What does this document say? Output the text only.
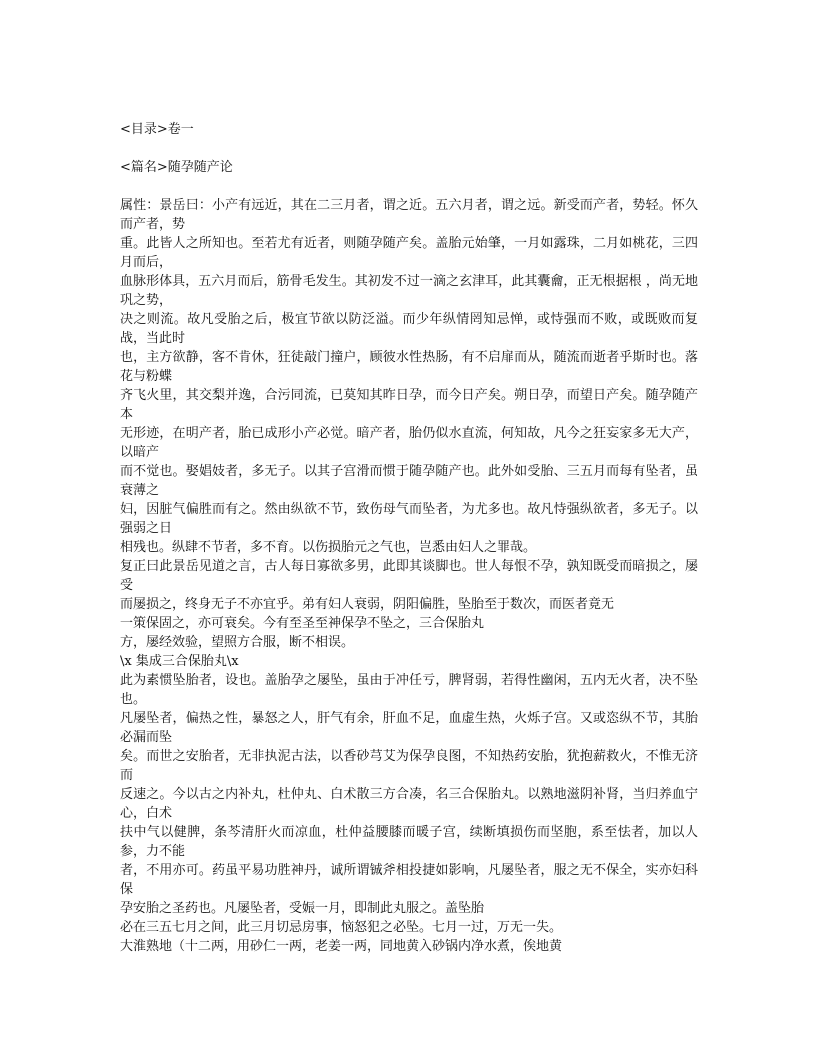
<目录>卷一

<篇名>随孕随产论

属性：景岳曰：小产有远近，其在二三月者，谓之近。五六月者，谓之远。新受而产者，势轻。怀久而产者，势

重。此皆人之所知也。至若尤有近者，则随孕随产矣。盖胎元始肇，一月如露珠，二月如桃花，三四月而后，

血脉形体具，五六月而后，筋骨毛发生。其初发不过一滴之玄津耳，此其囊龠，正无根据根 ，尚无地巩之势，

决之则流。故凡受胎之后，极宜节欲以防泛溢。而少年纵情罔知忌惮，或恃强而不败，或既败而复战，当此时

也，主方欲静，客不肯休，狂徒敲门撞户，顾彼水性热肠，有不启扉而从，随流而逝者乎斯时也。落花与粉蝶

齐飞火里，其交梨并逸，合污同流，已莫知其昨日孕，而今日产矣。朔日孕，而望日产矣。随孕随产本

无形迹，在明产者，胎已成形小产必觉。暗产者，胎仍似水直流，何知故，凡今之狂妄家多无大产，以暗产

而不觉也。娶娼妓者，多无子。以其子宫滑而惯于随孕随产也。此外如受胎、三五月而每有坠者，虽衰薄之

妇，因脏气偏胜而有之。然由纵欲不节，致伤母气而坠者，为尤多也。故凡恃强纵欲者，多无子。以强弱之日

相残也。纵肆不节者，多不育。以伤损胎元之气也，岂悉由妇人之罪哉。

复正曰此景岳见道之言，古人每日寡欲多男，此即其谈脚也。世人每恨不孕，孰知既受而暗损之，屡受

而屡损之，终身无子不亦宜乎。弟有妇人衰弱，阴阳偏胜，坠胎至于数次，而医者竟无

一策保固之，亦可衰矣。今有至圣至神保孕不坠之，三合保胎丸

方，屡经效验，望照方合服，断不相误。

\x 集成三合保胎丸\x

此为素惯坠胎者，设也。盖胎孕之屡坠，虽由于冲任亏，脾肾弱，若得性幽闲，五内无火者，决不坠也。

凡屡坠者，偏热之性，暴怒之人，肝气有余，肝血不足，血虚生热，火烁子宫。又或恣纵不节，其胎必漏而坠

矣。而世之安胎者，无非执泥古法，以香砂芎艾为保孕良图，不知热药安胎，犹抱薪救火，不惟无济而

反速之。今以古之内补丸，杜仲丸、白术散三方合凑，名三合保胎丸。以熟地滋阴补肾，当归养血宁心，白术

扶中气以健脾，条芩清肝火而凉血，杜仲益腰膝而暖子宫，续断填损伤而坚胞，系至怯者，加以人参，力不能

者，不用亦可。药虽平易功胜神丹，诚所谓铖斧相投捷如影响，凡屡坠者，服之无不保全，实亦妇科保

孕安胎之圣药也。凡屡坠者，受娠一月，即制此丸服之。盖坠胎

必在三五七月之间，此三月切忌房事，恼怒犯之必坠。七月一过，万无一失。

大淮熟地（十二两，用砂仁一两，老姜一两，同地黄入砂锅内净水煮，俟地黄
